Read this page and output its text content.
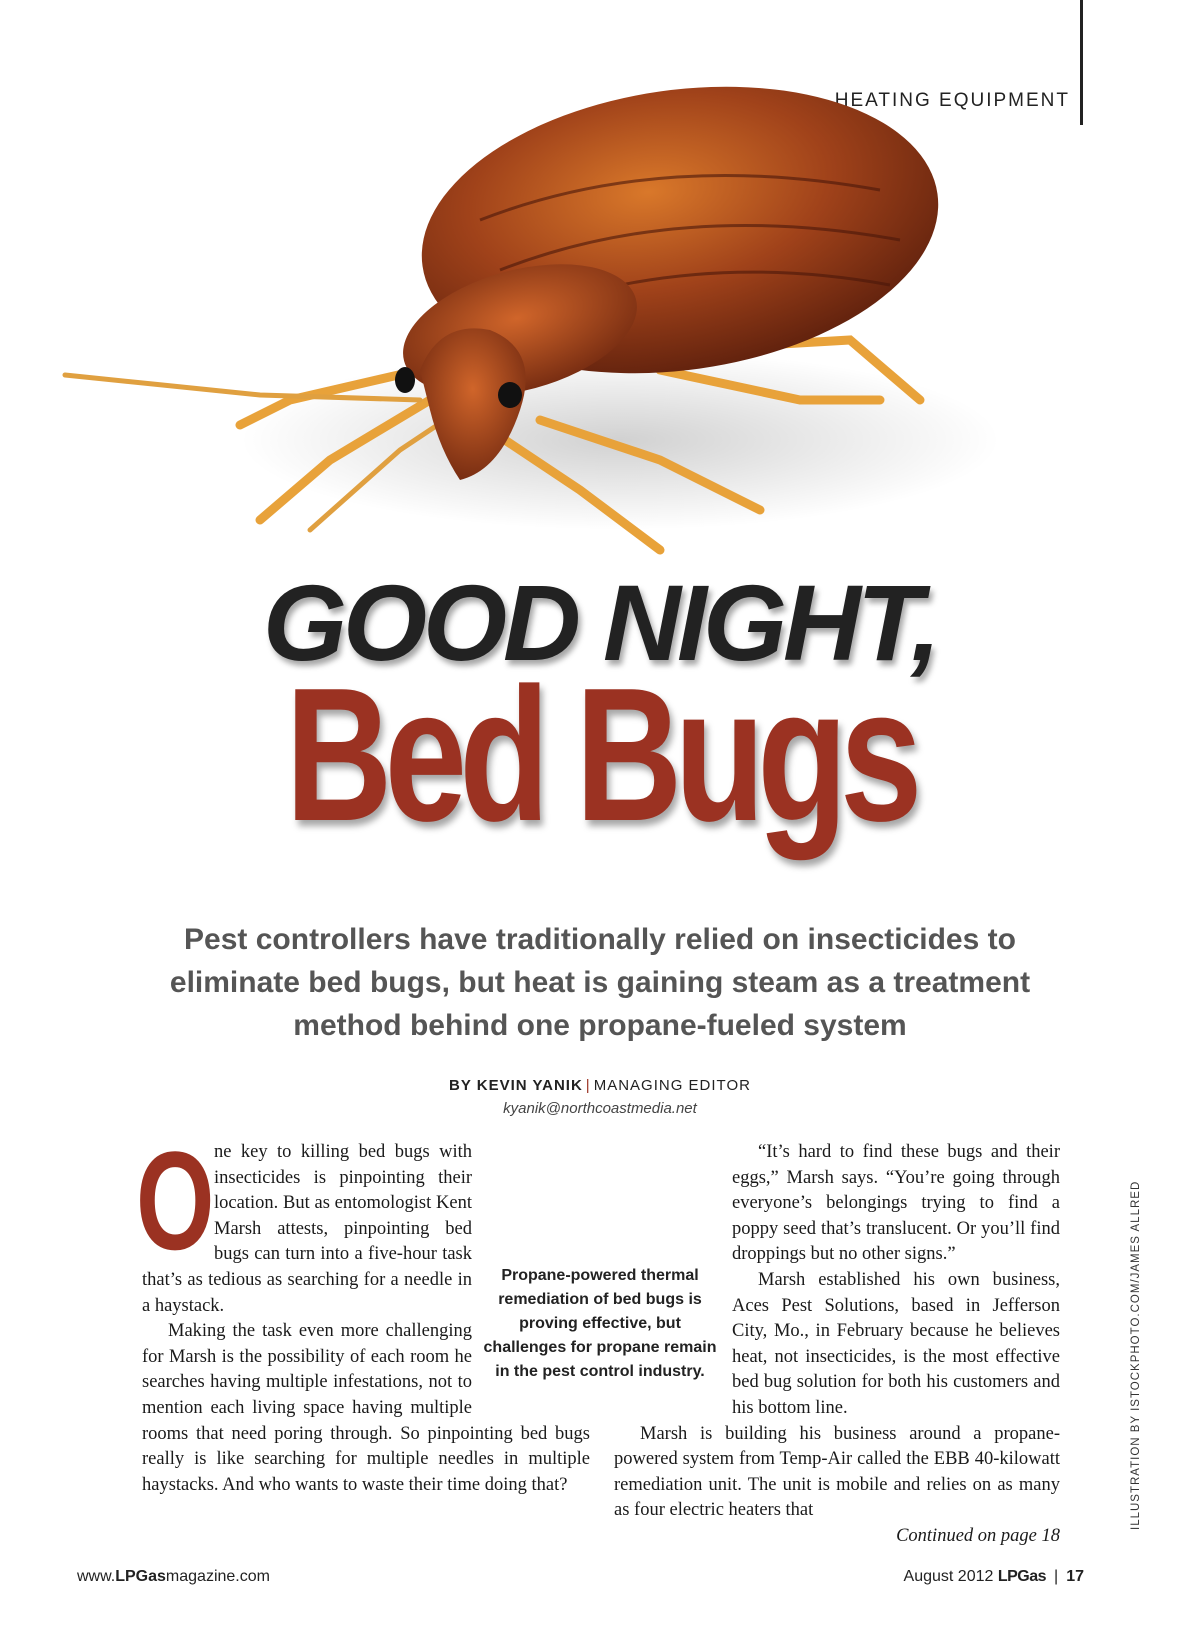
HEATING EQUIPMENT
GOOD NIGHT,
Bed Bugs
Pest controllers have traditionally relied on insecticides to eliminate bed bugs, but heat is gaining steam as a treatment method behind one propane-fueled system
BY KEVIN YANIK | MANAGING EDITOR
kyanik@northcoastmedia.net
O ne key to killing bed bugs with insecticides is pinpointing their location. But as entomologist Kent Marsh attests, pinpointing bed bugs can turn into a five-hour task that’s as tedious as searching for a needle in a haystack.

Making the task even more challenging for Marsh is the possibility of each room he searches having multiple infestations, not to mention each living space having multiple rooms that need poring through. So pinpointing bed bugs really is like searching for multiple needles in multiple haystacks. And who wants to waste their time doing that?

“It’s hard to find these bugs and their eggs,” Marsh says. “You’re going through everyone’s belongings trying to find a poppy seed that’s translucent. Or you’ll find droppings but no other signs.”

Marsh established his own business, Aces Pest Solutions, based in Jefferson City, Mo., in February because he believes heat, not insecticides, is the most effective bed bug solution for both his customers and his bottom line.

Marsh is building his business around a propane-powered system from Temp-Air called the EBB 40-kilowatt remediation unit. The unit is mobile and relies on as many as four electric heaters that

Continued on page 18

Propane-powered thermal remediation of bed bugs is proving effective, but challenges for propane remain in the pest control industry.	ILLUSTRATION BY ISTOCKPHOTO.COM/JAMES ALLRED
www.LPGasmagazine.com	August 2012 LPGas | 17
